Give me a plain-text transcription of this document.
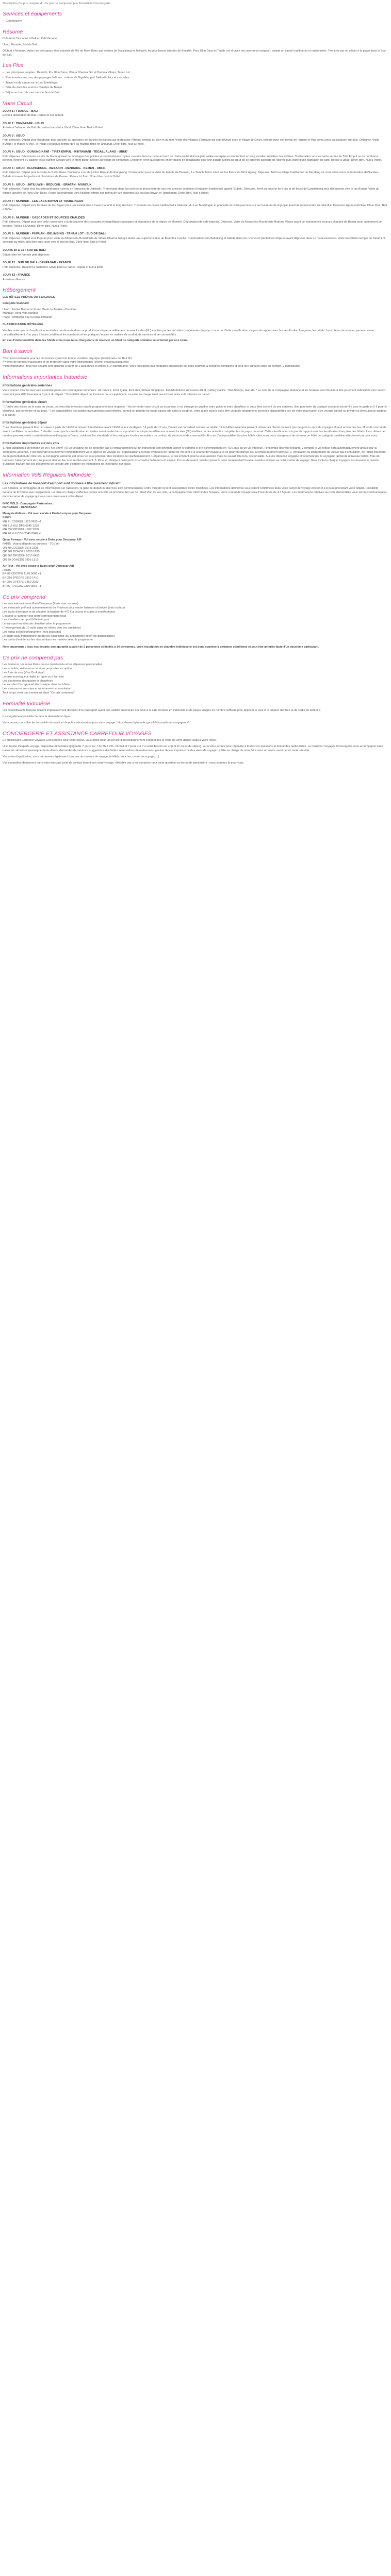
Description Ce prix comprend : Ce prix ne comprend pas Formalités Conciergerie
Services et équipements
• Conciergerie
Résumé

Culture et Cascades à Bali en Petit Groupe !

Ubud, Munduk, Sud de Bali

D'Ubud à Munduk, visitez les principaux sites naturels de l'île de Munt Batur aux rizières de Tegalalang et Jatiluwih, les plus beaux temples de Besakih, Pura Ulun Danu et Tanah Lot et vivez des aventures uniques : balade en canoë traditionnel et randonnées. Terminez par un séjour à la plage dans le Sud de Bali.

Les Plus
• Les principaux temples : Besakih, Pur Ulun Danu, Vihara Dharma Giri et Brahma Vihara, Tanah Lot
• Randonnées au cœur des paysages balinais : rizières de Tegalalang et Jatiluwih, lacs et cascades
• Travel on de canoé sur le Lac Tamblingan
• Détente dans les sources chaudes de Banjar
• Séjour en bord de mer dans le Sud de Bali
Votre Circuit
JOUR 1 : FRANCE - BALI
Envol à destination de Bali. Repas et nuit à bord.
JOUR 2 : DENPASAR - UBUD
Arrivée à l'aéroport de Bali. Accueil et transfert à Ubud. Dîner libre. Nuit à l'hôtel.
JOUR 3 : UBUD
Petit déjeuner. Départ pour Batubulan pour assister au spectacle de danses du Barong qui représente l'éternel combat du bien et du mal. Visite des villages d'artisans qui sont d'Ubud avec le village de Celuk, célébre pour son travail de l'argent et Mas connu pour sa sculpture sur bois. Déjeuner. Visite d'Ubud : le musée ARMA, le Palais Royal puis temps libre au marché riche en artisanat. Dîner libre. Nuit à l'hôtel.
JOUR 4 : UBUD - GUNUNG KAWI - TIRTA EMPUL - KINTAMANI - TEGALLALANG - UBUD
Petit déjeuner. Découverte du site de Gunung Kawi, le montages des pointes et ses tombeaux royaux creusés dans la roche au bord de rivière au fond d'une jolie vallée escarpée en empruntant un long escalier au milieu des rizières. Continuation vers les bains sacrés de Tirta Empul où de nombreux pèlerins viennent s'y baigner et se purifier. Départ vers le Mont Batur, arrivée au village de Kintamani. Déjeuner. Arrêt aux rizières en terrasses de Tegallalang pour une balade à pied au cœur de ce superbe paysage de rizières puis visite d'une plantation de café. Retour à Ubud. Dîner libre. Nuit à l'hôtel.
JOUR 5 : UBUD - KLUNGKUNG - BESAKIH - RENDANG - KEMEN - UBUD
Petit déjeuner. Départ pour la visite de Kerta Gosa, l'ancienne cour de justice Royale de Klungkung. Continuation pour la visite du temple de Besakih, 'Le Temple Mère' situé sur les flancs du Mont Agung. Déjeuner. Arrêt au village traditionnel de Rendang où vous découvrirez la fabrication d'offrandes. Balade à travers les jardins et plantations de Kemen. Retour à Ubud. Dîner libre. Nuit à l'hôtel.
JOUR 6 : UBUD - JATILUWIH - BEDUGUL - BRATAN - MUNDUK
Petit déjeuner. Route vers les extraordinaires rizières en terrasses de Jatiluwih. Promenade dans les rizières et découverte de ses très anciens systèmes d'irrigation traditionnel appelé 'Subak'. Déjeuner. Arrêt au marché de fruits et de fleurs de Candikuning puis découverte vers le lac Bratan. Visite du temple lacustre de Pura Ulun Danu. Route panoramique vers Munduk offrant des points de vue superbes sur les lacs Buyan et Tamblingan. Dîner libre. Nuit à l'hôtel.
JOUR 7 : MUNDUK - LES LACS BUYAN ET TAMBLINGAN
Petit déjeuner. Départ vers les rives du lac Buyan pour une randonnée à travers la forêt le long des lacs. Traversée en canoé traditionnel à balancier du Lac Tamblingan et poursuite de votre parcours sur les hauteurs de la jungle avant de redescendre sur Munduk. Déjeuner. Après-midi libre. Dîner libre. Nuit à l'hôtel.
JOUR 8 : MUNDUK - CASCADES ET SOURCES CHAUDES
Petit déjeuner. Départ pour une belle randonnée à la découverte des cascades et magnifiques paysages et plantations de la région de Munduk. Dégustation de café balinais. Déjeuner. Visite du Monastère Bouddhiste Brahma Vihara avant de rejoindre les sources chaudes de Banjar pour un moment de détente. Retour à Munduk. Dîner libre. Nuit à l'hôtel.
JOUR 9 : MUNDUK - PUPUAN - BELIMBING - TANAH LOT - SUD DE BALI
Petit déjeuner. Départ vers Pupuan pour visite du Monastère Bouddhiste de Vihara Dharma Giri qui abrite une superbe statue de Bouddha couché. Continuation vers Belimbing et balade dans les rizières et plantations d'épices avant déjeuner dans un restaurant local. Visite du célèbre temple de Tanah Lot construit au milieu des flots puis route vers le sud de Bali. Dîner libre. Nuit à l'hôtel.
JOURS 10 & 11 : SUD DE BALI
Séjour libre en formule petit-déjeuner.
JOUR 12 : SUD DE BALI - DENPASAR - FRANCE
Petit déjeuner. Transfert à l'aéroport. Envol pour la France. Repas et nuit à bord.
JOUR 13 : FRANCE
Arrivée en France.
Hébergement

LES HÔTELS PRÉVUS OU SIMILAIRES

Catégorie Standard

Ubud : Pertiwi Bisma ou Komo Medo ou Awakaru Boutique
Munduk : Aires Villa Munduk
Plage : Umbaran Bay ou Anja Jimbaran

CLASSIFICATION HÔTELIÈRE

Veuillez noter que la classification en étoiles mentionnée dans ce produit touristique se réfère aux normes locales (NL) établies par les autorités compétentes du pays concerné. Cette classification n'a pas de rapport avec la classification française des hôtels. Les critères de notation peuvent varier considérablement d'un pays à l'autre, n'utilisant les standards et les pratiques locales en matière de confort, de services et de commodités.

En cas d'indisponibilité dans les hôtels cités nous nous chargerons de réserver un hôtel de catégorie similaire sélectionné par nos soins.

Bon à savoir
*Circuit recommandé pour les personnes ayant une bonne condition physique (randonnées de 1h à 5h).
*Prévoir de bonnes chaussures et de protection dans votre lotissements (crème, chapeau/casquette)
*Note importante : tous nos départs sont garantis à partir de 2 personnes et limités à 14 participants. Votre inscription aux modalités individuelle est donc soumise à certaines conditions et peut être annulée faute du nombre. 2 participants.
Informations importantes Indonésie
Informations générales aériennes

Vous volerez avec un des vols suivantes parmi ces compagnies aériennes : Air France, KLM, Qatar, Emirates, Etihad, Singapore, Turkish Airlines, Air France-KLM, Cathay Pacific, Thai Airways, Garuda. * Le nom de la compagnie aérienne et les horaires sont donnés à titre purement indicatif et vous seront communiqués définitivement à 8 jours du départ. * Possibilité départ de Province nous supplément. La prise en charge n'est pas incluse si les vols internes en transit.

Informations générales circuit

* L'ordre des visites ou le sens du circuit, peuvent être inversés mais le programme sera respecté. * Au terme de votre circuit ou excursion, il est d'usage de gratifier votre guide et votre chauffeur, si vous êtes content de ses services, d'un pourboire (la pratique courante est de 4 € pour le guide et 2 € pour le chauffeur, par personne et par jour). * Les disponibilités des guides francophones sont limitées, surtout en période de haute saison (de juillet à octobre). Votre guide pourra donc être un guide anglophone selon les disponibilités lors de votre réservation d'un voyage (circuit ou privatif ou d'excursions guidées à la carte).

Informations générales Séjour

* Les chambres peuvent être occupées à partir de 14h00 et doivent être libérées avant 12h00 le jour du départ. * A partir de 17 ans, l'enfant est considéré comme un adulte. * Les Hôtels réservés peuvent refuser les clients qui n'ont pas de quoi ou sans de voyages. Il peut arriver que les offres de vos hôtels soient modifiées ou annulées. * Veuillez noter que la classification en étoiles mentionnée dans ce produit touristique se réfère aux normes locales (NL) établies par les autorités compétentes du pays concerné. Cette classification n'a pas de rapport avec la classification française des hôtels. Les critères de notation peuvent varier considérablement d'un pays à l'autre, n'utilisant les standards et les pratiques locales en matière de confort, de services et de commodités. En cas d'indisponibilité dans les hôtels cités nous nous chargerons de réserver un hôtel de catégorie similaire sélectionné par nos soins.

Informations importantes sur nos vols

1. Non validation d'un tronçon de vol ("No Show") Si un voyageur ne se présente pas à l'embarquement sur un tronçon de son itinéraire aérien (y compris le pré-acheminement en TGV, bus ou un vol intérieur), l'ensemble des vols restants, y compris le vol retour, sera automatiquement annulé par la compagnie aérienne. Il est impératif d'en informer immédiatement votre agence de voyage ou l'organisateur. Les frais éventuels de rachat de vol sont à la charge du voyageur et ne pourront donner lieu à remboursement ultérieur. 2. Annulation ou perturbation de vol En cas d'annulation, de retard important ou de perturbation de votre vol, la compagnie aérienne est tenue de vous proposer des solutions de réacheminement. L'organisateur, le cas échéant, pourra vous assister mais ne saurait être tenu responsable. Aucune dépense engagée directement par le voyageur (achat de nouveaux billets, frais de transport, hébergement etc.) ne pourra donner lieu à un remboursement. 3. Prise en charge à l'aéroport Un accueil à l'aéroport est assuré. En cas de retard, veuillez prévenir notre représentant local au numéro indiqué sur votre carnet de voyage. Nous incitons chaque voyageur à conserver le numéro d'urgence figurant sur ses documents de voyage afin d'obtenir les instructions de l'opérateur sur place.

Information Vols Réguliers Indonésie
Les informations de transport d'aéroport sont données à titre purement indicatif.

Les horaires, la compagnie et les informations sur l'aéroport / la gare de départ ou d'arrivée sont communiquées à titre indicatif et sont susceptibles d'être modifiées. Les informations définitives vous seront confirmées dans votre carnet de voyage environ 8 à 8 jours précédant votre départ. Possibilité départs de Province avec supplément. La prise en charge s'effectue depuis une ville de province. En cas de retard d'un de vos vols, la compagnie vous informe des horaires. Votre contrat de voyage sera d'une durée de 4 à 5 jours. Les informations relatives aux vols demandées vous seront communiquées dans le carnet de voyage qui vous sera remis avant votre départ.

INFO VOLS - Compagnie Partenaires :
DENPASAR - DENPASAR
Malaysia Airlines - Vol avec escale à Kuala Lumpur pour Denpasar
PARIS
MH 21 CDGKUL 1125 0650 +1
MH 715 KULDPS 0945 1235
MH 852 DPSKUL 1900 2200
MH 20 KULCDG 2345 0640 +1
Qatar Airways - Vol avec escale à Doha pour Denpasar A/R
PARIS - Autres départs de province - TGV Air
QR 40 CDGDOH 1515 2335
QR 962 DOHDPS 0230 1630
QR 963 DPSDOH 0010 0453
QR 39 DOHCDG 0805 1315
Air Tout - Vol avec escale à Taipei pour Denpasar A/R
PARIS
BR 88 CDGTPE 1120 0605 +1
BR 216 TPEDPS 0910 1410
BR 256 DPSTPE 1450 2000
BR 87 TPECDG 2330 0815 +1
Ce prix comprend
Les vols internationaux Paris/Denpasar (Paris avec escales)
Les éventuels pré/post acheminements de Province pour rendre l'aéroport d'arrivée (train ou bus)
Les taxes d'aéroport et de sécurité (à hauteur de 470 € à ce jour et sujets à modifications)
L'accueil à l'aéroport par notre correspondant local
Les transferts aéroport/hôtel/aéroport
Le transport en véhicule climatisé selon le programme
L'hébergement de 10 nuits dans les hôtels cités (ou similaires)
Les repas selon le programme (hors boissons)
Le guide local francophone durant les excursions (ou anglophone selon les disponibilités)
Les droits d'entrée sur les sites et dans les musées selon le programme

Note importante : tous nos départs sont garantis à partir de 2 personnes et limités à 14 personnes. Votre inscription en chambre individuelle est donc soumise à certaines conditions et peut être annulée faute d'un deuxième participant.

Ce prix ne comprend pas
Les boissons, les repas libres ou non mentionnés et les dépenses personnelles
Les activités, visites et excursions proposées en option
Les frais de visa (Visa On Arrival)
La taxe touristique à régler en ligne ou à l'arrivée
Les pourboires des guides et chauffeurs
Le transfert d'un appareil électronique dans les hôtels
Les assurances assistance, rapatriement et annulation
Tout ce qui n'est pas mentionné dans "Ce prix comprend"
Formalité Indonésie

Les ressortissants français doivent impérativement disposer d'un passeport ayant une validité supérieure à 6 mois à la date d'entrée en Indonésie et de pages vierges en nombre suffisant pour apposer le visa et le tampon d'entrée et de sortie du territoire.

Il est également possible de faire la demande en ligne.

Vous pouvez consulter les formalités de santé et de police nécessaires pour votre voyage : https://www.diplomatie.gouv.fr/fr/conseils-aux-voyageurs/

CONCIERGERIE ET ASSISTANCE CARREFOUR VOYAGES

En choisissant Carrefour Voyages Conciergerie pour votre séjour, vous optez pour un service d'accompagnement complet dès la veille de votre départ jusqu'à votre retour.

Une équipe d'experts voyage, disponible et humaine (joignable 7 jours sur 7 de 8h à 22h, 24h/24 et 7 jours sur 7 si votre besoin est urgent en cours de séjour), est à votre écoute pour répondre à toutes vos questions et demandes particulières. La Carrefour Voyages Conciergerie vous accompagne dans toutes les situations (renseignements divers, demandes de services, suggestions d'activités, réservations de restaurants, gestion de vos imprévus ou des aléas de voyage...). Elle se charge de vous faire vivre un séjour serein et en toute sécurité.

Vos voies d'application, vous retrouverez également tous vos documents de voyage (e-billets, voucher, carnet de voyage, ...)

Vos conseillers demeurent dans votre principal point de contact durant tout votre voyage, n'hésitez pas à les contacter pour toute question ou demande particulière : nous sommes là pour vous.
